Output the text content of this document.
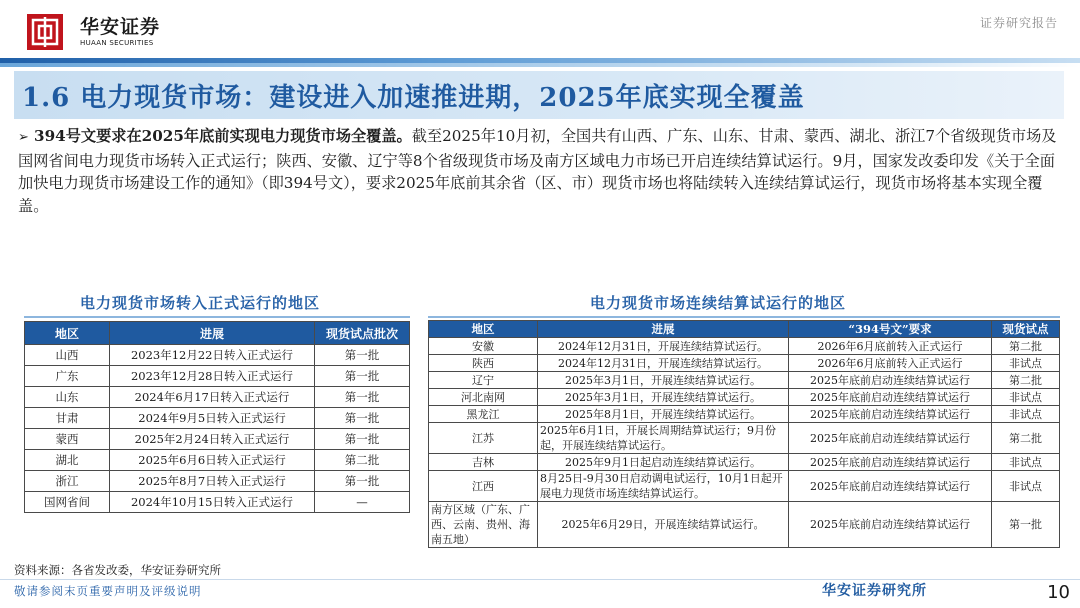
华安证券
HUAAN SECURITIES
证券研究报告
1.6 电力现货市场：建设进入加速推进期，2025年底实现全覆盖
➢ 394号文要求在2025年底前实现电力现货市场全覆盖。截至2025年10月初，全国共有山西、广东、山东、甘肃、蒙西、湖北、浙江7个省级现货市场及国网省间电力现货市场转入正式运行；陕西、安徽、辽宁等8个省级现货市场及南方区域电力市场已开启连续结算试运行。9月，国家发改委印发《关于全面加快电力现货市场建设工作的通知》（即394号文），要求2025年底前其余省（区、市）现货市场也将陆续转入连续结算试运行，现货市场将基本实现全覆盖。
电力现货市场转入正式运行的地区
地区	进展	现货试点批次
山西	2023年12月22日转入正式运行	第一批
广东	2023年12月28日转入正式运行	第一批
山东	2024年6月17日转入正式运行	第一批
甘肃	2024年9月5日转入正式运行	第一批
蒙西	2025年2月24日转入正式运行	第一批
湖北	2025年6月6日转入正式运行	第二批
浙江	2025年8月7日转入正式运行	第一批
国网省间	2024年10月15日转入正式运行	—
电力现货市场连续结算试运行的地区
地区	进展	“394号文”要求	现货试点
安徽	2024年12月31日，开展连续结算试运行。	2026年6月底前转入正式运行	第二批
陕西	2024年12月31日，开展连续结算试运行。	2026年6月底前转入正式运行	非试点
辽宁	2025年3月1日，开展连续结算试运行。	2025年底前启动连续结算试运行	第二批
河北南网	2025年3月1日，开展连续结算试运行。	2025年底前启动连续结算试运行	非试点
黑龙江	2025年8月1日，开展连续结算试运行。	2025年底前启动连续结算试运行	非试点
江苏	2025年6月1日，开展长周期结算试运行；9月份起，开展连续结算试运行。	2025年底前启动连续结算试运行	第二批
吉林	2025年9月1日起启动连续结算试运行。	2025年底前启动连续结算试运行	非试点
江西	8月25日-9月30日启动调电试运行，10月1日起开展电力现货市场连续结算试运行。	2025年底前启动连续结算试运行	非试点
南方区域（广东、广西、云南、贵州、海南五地）	2025年6月29日，开展连续结算试运行。	2025年底前启动连续结算试运行	第一批
资料来源：各省发改委，华安证券研究所
敬请参阅末页重要声明及评级说明	华安证券研究所	10
